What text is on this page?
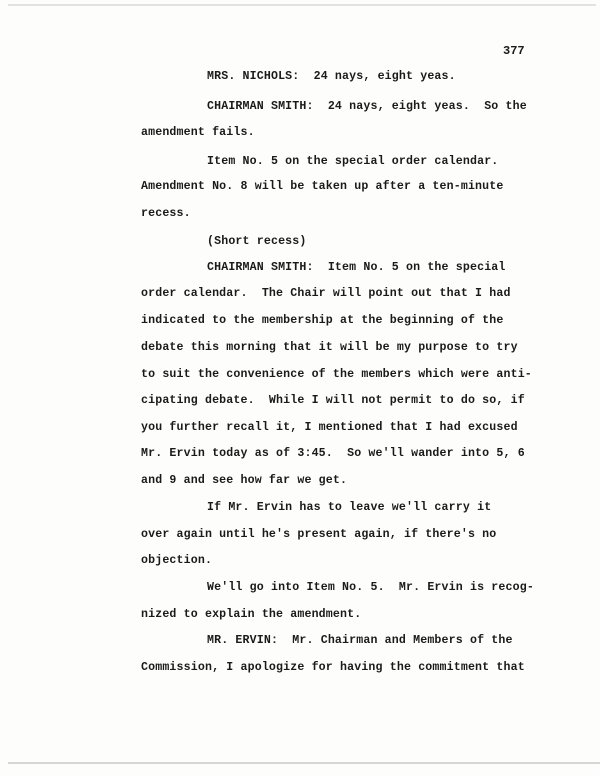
377
MRS. NICHOLS:  24 nays, eight yeas.
CHAIRMAN SMITH:  24 nays, eight yeas.  So the
amendment fails.
Item No. 5 on the special order calendar.
Amendment No. 8 will be taken up after a ten-minute
recess.
(Short recess)
CHAIRMAN SMITH:  Item No. 5 on the special
order calendar.  The Chair will point out that I had
indicated to the membership at the beginning of the
debate this morning that it will be my purpose to try
to suit the convenience of the members which were anti-
cipating debate.  While I will not permit to do so, if
you further recall it, I mentioned that I had excused
Mr. Ervin today as of 3:45.  So we'll wander into 5, 6
and 9 and see how far we get.
If Mr. Ervin has to leave we'll carry it
over again until he's present again, if there's no
objection.
We'll go into Item No. 5.  Mr. Ervin is recog-
nized to explain the amendment.
MR. ERVIN:  Mr. Chairman and Members of the
Commission, I apologize for having the commitment that
